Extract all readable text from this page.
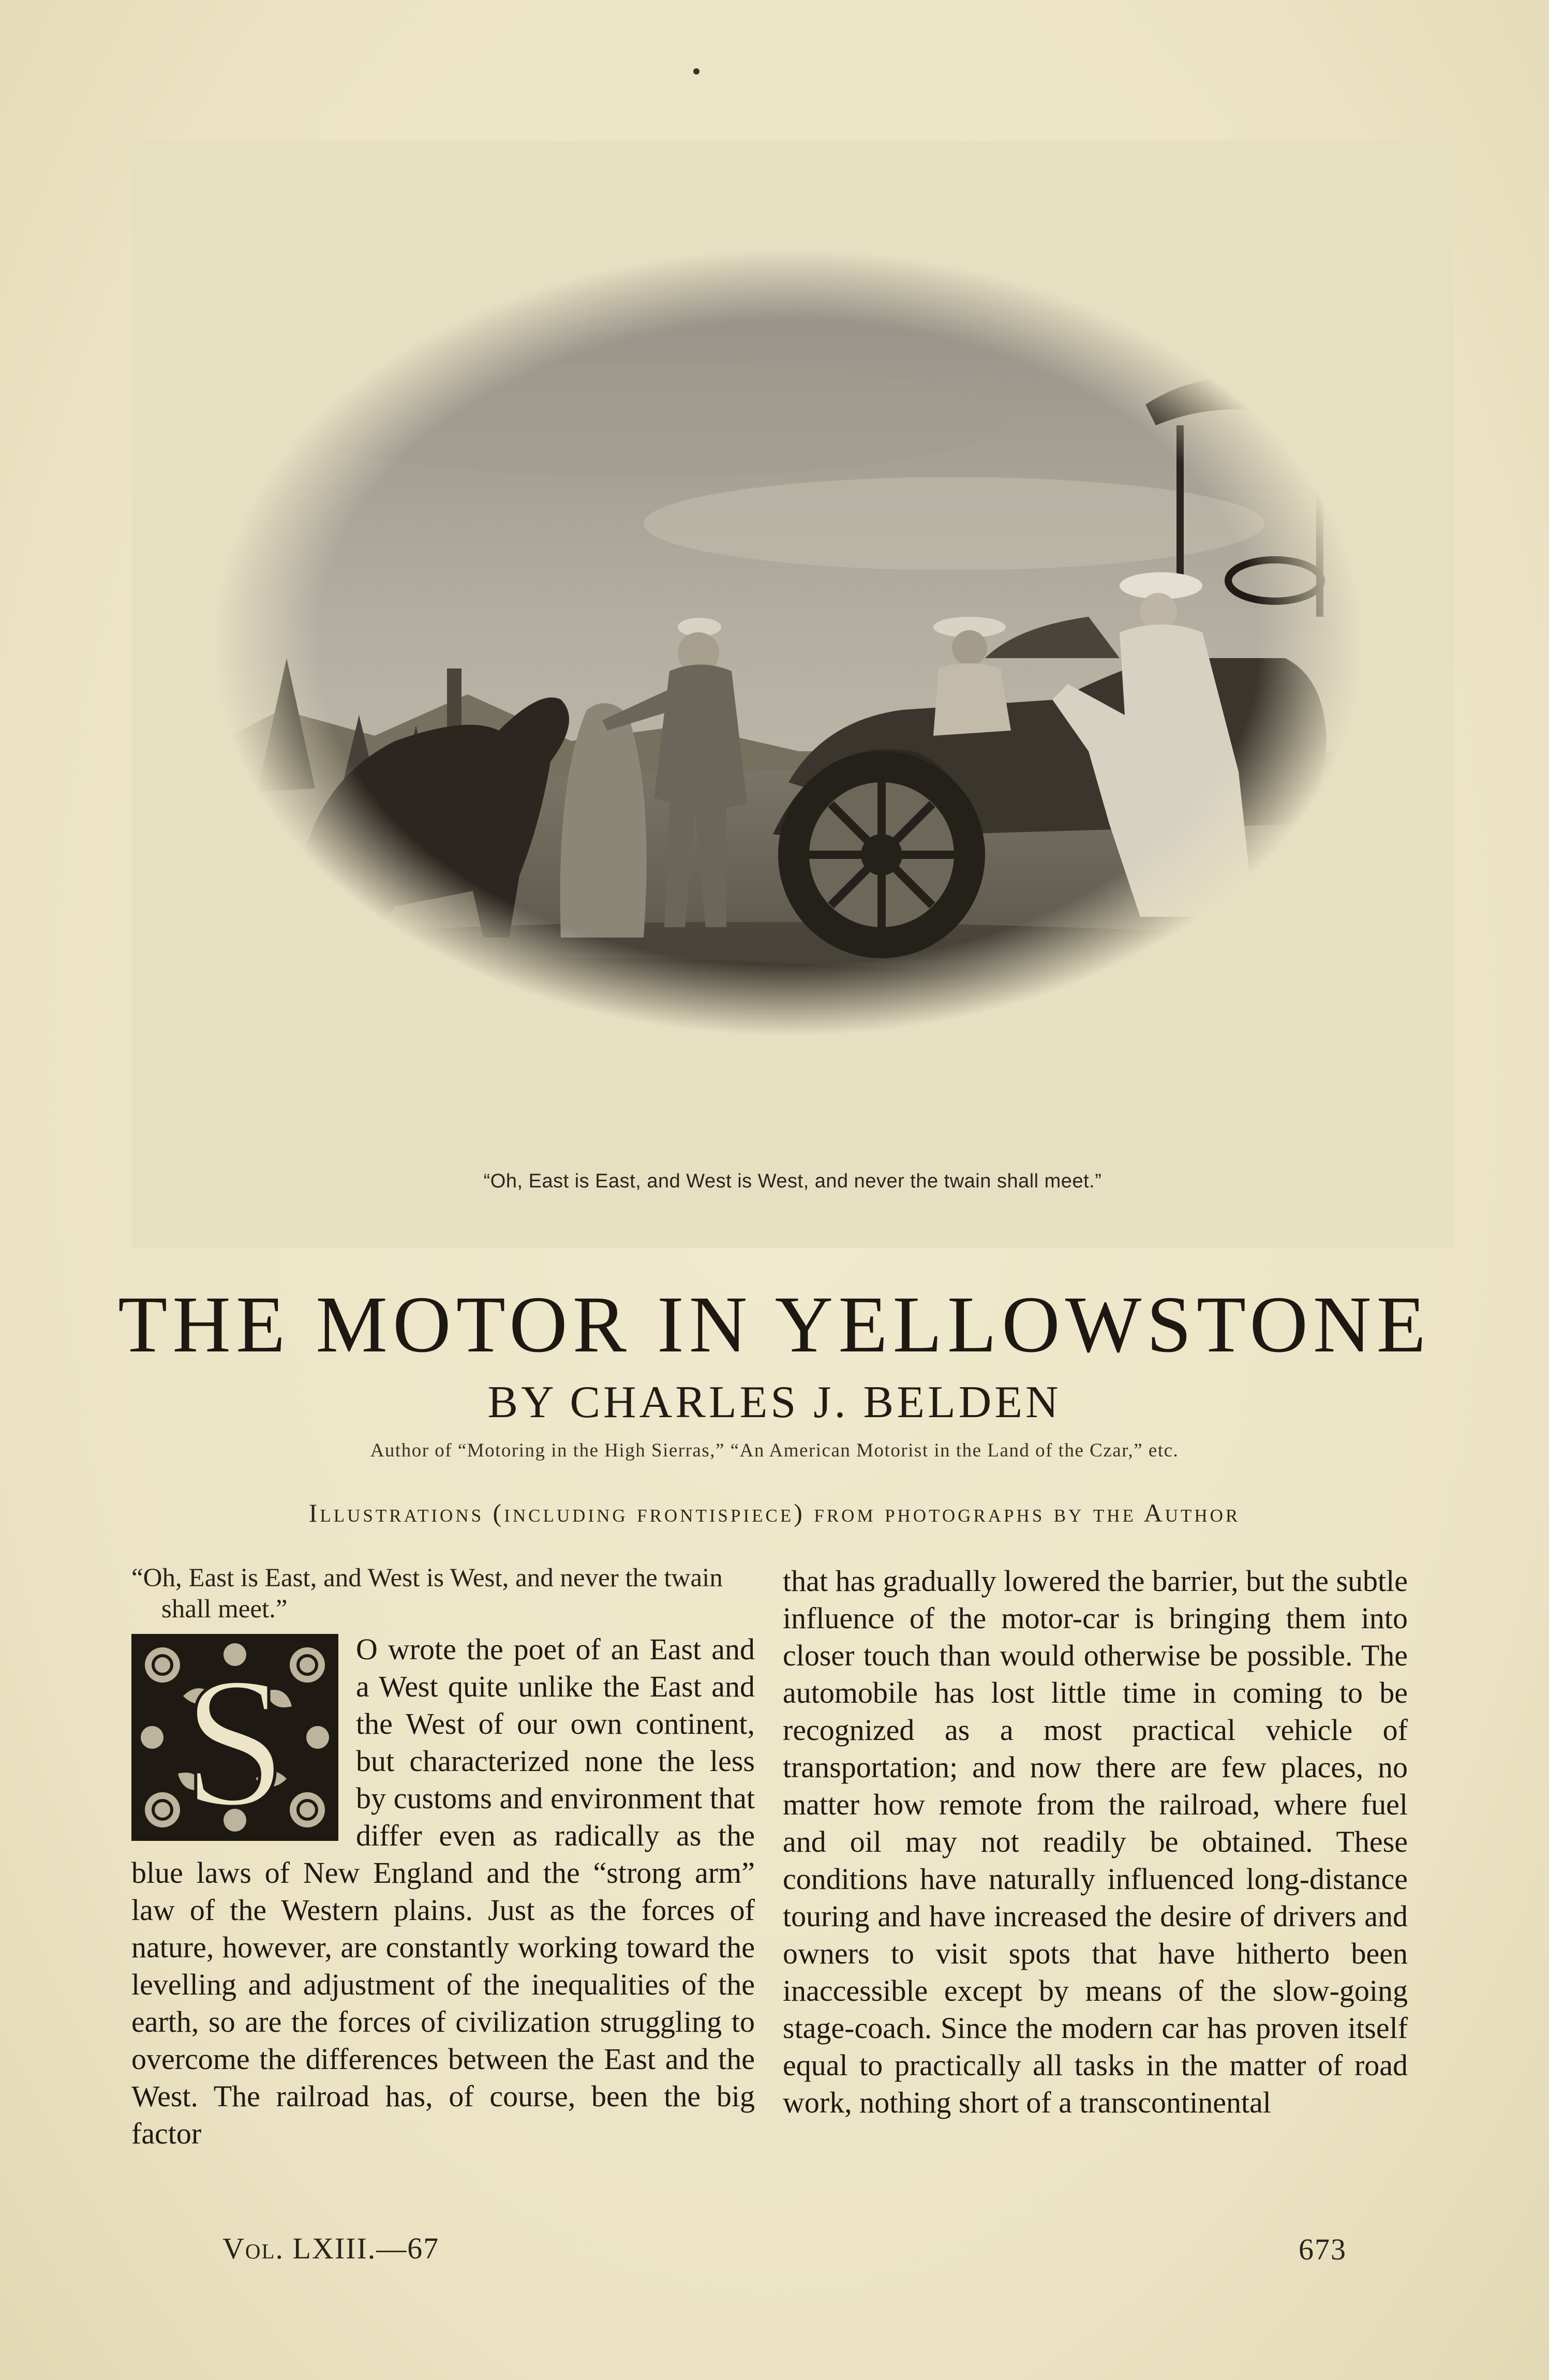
“Oh, East is East, and West is West, and never the twain shall meet.”
THE MOTOR IN YELLOWSTONE
BY CHARLES J. BELDEN
Author of “Motoring in the High Sierras,” “An American Motorist in the Land of the Czar,” etc.
Illustrations (including frontispiece) from photographs by the Author

“Oh, East is East, and West is West, and never the twain shall meet.”

S	O wrote the poet of an East and a West quite unlike the East and the West of our own continent, but characterized none the less by customs and environment that differ even as radically as the blue laws of New England and the “strong arm” law of the Western plains. Just as the forces of nature, however, are constantly working toward the levelling and adjustment of the inequalities of the earth, so are the forces of civilization struggling to overcome the differences between the East and the West. The railroad has, of course, been the big factor

that has gradually lowered the barrier, but the subtle influence of the motor-car is bringing them into closer touch than would otherwise be possible. The automobile has lost little time in coming to be recognized as a most practical vehicle of transportation; and now there are few places, no matter how remote from the railroad, where fuel and oil may not readily be obtained. These conditions have naturally influenced long-distance touring and have increased the desire of drivers and owners to visit spots that have hitherto been inaccessible except by means of the slow-going stage-coach. Since the modern car has proven itself equal to practically all tasks in the matter of road work, nothing short of a transcontinental

Vol. LXIII.—67	673
